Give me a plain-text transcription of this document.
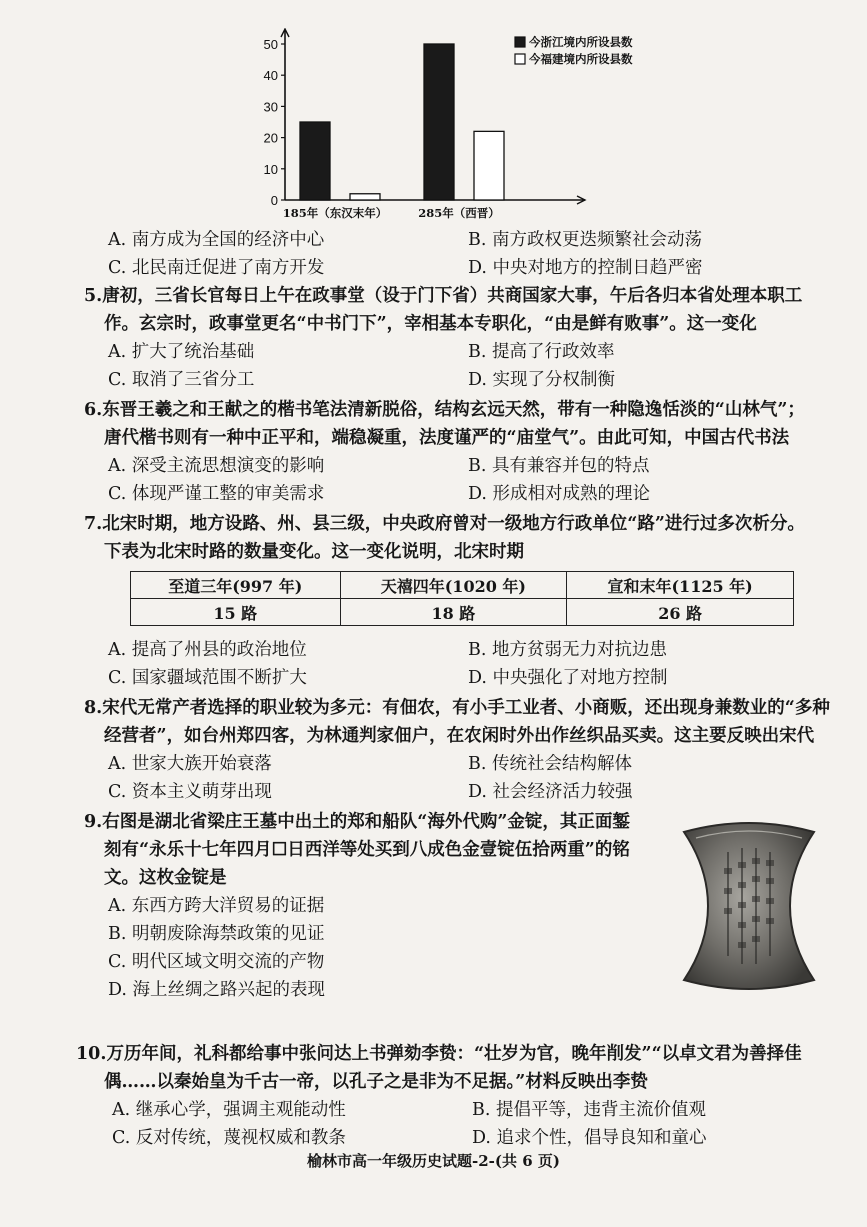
0
10
20
30
40
50
185年（东汉末年）	285年（西晋）
今浙江境内所设县数
今福建境内所设县数
A. 南方成为全国的经济中心	B. 南方政权更迭频繁社会动荡
C. 北民南迁促进了南方开发	D. 中央对地方的控制日趋严密
5.唐初，三省长官每日上午在政事堂（设于门下省）共商国家大事，午后各归本省处理本职工
作。玄宗时，政事堂更名“中书门下”，宰相基本专职化，“由是鲜有败事”。这一变化
A. 扩大了统治基础	B. 提高了行政效率
C. 取消了三省分工	D. 实现了分权制衡
6.东晋王羲之和王献之的楷书笔法清新脱俗，结构玄远天然，带有一种隐逸恬淡的“山林气”；
唐代楷书则有一种中正平和，端稳凝重，法度谨严的“庙堂气”。由此可知，中国古代书法
A. 深受主流思想演变的影响	B. 具有兼容并包的特点
C. 体现严谨工整的审美需求	D. 形成相对成熟的理论
7.北宋时期，地方设路、州、县三级，中央政府曾对一级地方行政单位“路”进行过多次析分。
下表为北宋时路的数量变化。这一变化说明，北宋时期
至道三年(997 年)	天禧四年(1020 年)	宣和末年(1125 年)
15 路	18 路	26 路
A. 提高了州县的政治地位	B. 地方贫弱无力对抗边患
C. 国家疆域范围不断扩大	D. 中央强化了对地方控制
8.宋代无常产者选择的职业较为多元：有佃农，有小手工业者、小商贩，还出现身兼数业的“多种
经营者”，如台州郑四客，为林通判家佃户，在农闲时外出作丝织品买卖。这主要反映出宋代
A. 世家大族开始衰落	B. 传统社会结构解体
C. 资本主义萌芽出现	D. 社会经济活力较强
9.右图是湖北省梁庄王墓中出土的郑和船队“海外代购”金锭，其正面錾
刻有“永乐十七年四月☐日西洋等处买到八成色金壹锭伍拾两重”的铭
文。这枚金锭是
A. 东西方跨大洋贸易的证据
B. 明朝废除海禁政策的见证
C. 明代区域文明交流的产物
D. 海上丝绸之路兴起的表现
10.万历年间，礼科都给事中张问达上书弹劾李贽：“壮岁为官，晚年削发”“以卓文君为善择佳
偶……以秦始皇为千古一帝，以孔子之是非为不足据。”材料反映出李贽
A. 继承心学，强调主观能动性	B. 提倡平等，违背主流价值观
C. 反对传统，蔑视权威和教条	D. 追求个性，倡导良知和童心
榆林市高一年级历史试题-2-(共 6 页)
